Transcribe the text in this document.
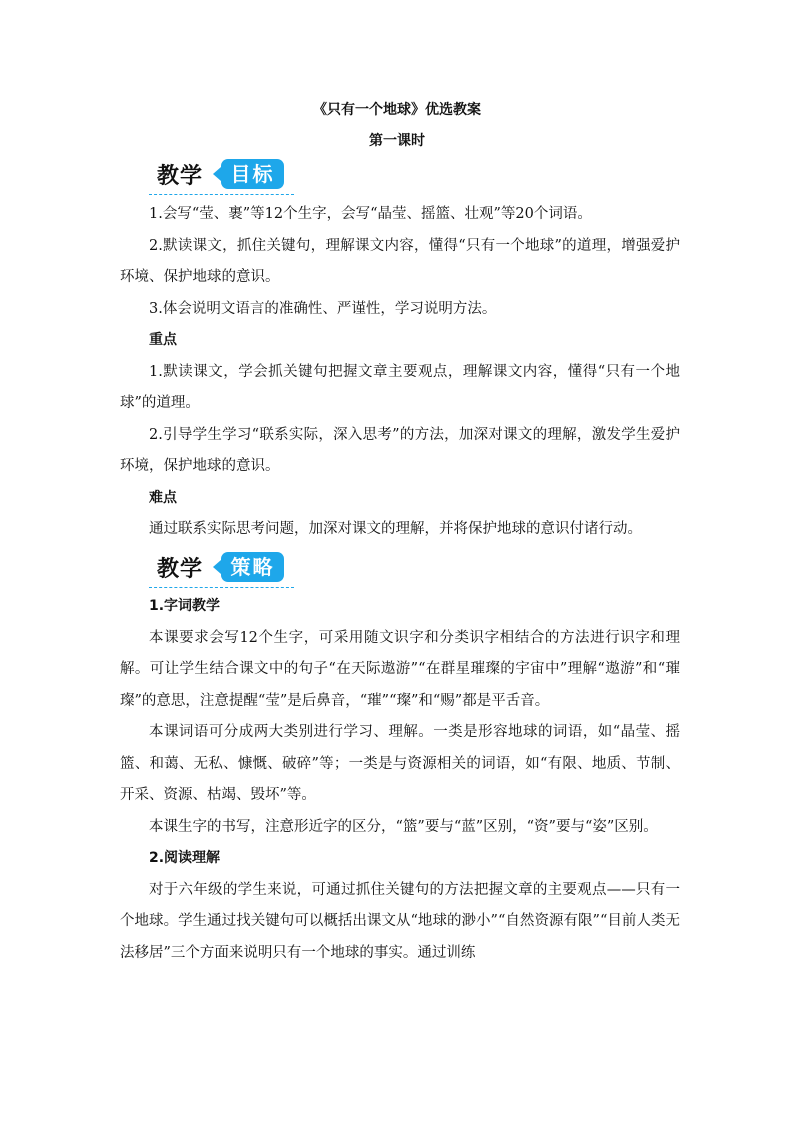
《只有一个地球》优选教案
第一课时
教学	目标

1.会写“莹、裹”等12个生字，会写“晶莹、摇篮、壮观”等20个词语。

2.默读课文，抓住关键句，理解课文内容，懂得“只有一个地球”的道理，增强爱护环境、保护地球的意识。

3.体会说明文语言的准确性、严谨性，学习说明方法。

重点

1.默读课文，学会抓关键句把握文章主要观点，理解课文内容，懂得“只有一个地球”的道理。

2.引导学生学习“联系实际，深入思考”的方法，加深对课文的理解，激发学生爱护环境，保护地球的意识。

难点

通过联系实际思考问题，加深对课文的理解，并将保护地球的意识付诸行动。

教学	策略

1.字词教学

本课要求会写12个生字，可采用随文识字和分类识字相结合的方法进行识字和理解。可让学生结合课文中的句子“在天际遨游”“在群星璀璨的宇宙中”理解“遨游”和“璀璨”的意思，注意提醒“莹”是后鼻音，“璀”“璨”和“赐”都是平舌音。

本课词语可分成两大类别进行学习、理解。一类是形容地球的词语，如“晶莹、摇篮、和蔼、无私、慷慨、破碎”等；一类是与资源相关的词语，如“有限、地质、节制、开采、资源、枯竭、毁坏”等。

本课生字的书写，注意形近字的区分，“篮”要与“蓝”区别，“资”要与“姿”区别。

2.阅读理解

对于六年级的学生来说，可通过抓住关键句的方法把握文章的主要观点——只有一个地球。学生通过找关键句可以概括出课文从“地球的渺小”“自然资源有限”“目前人类无法移居”三个方面来说明只有一个地球的事实。通过训练
